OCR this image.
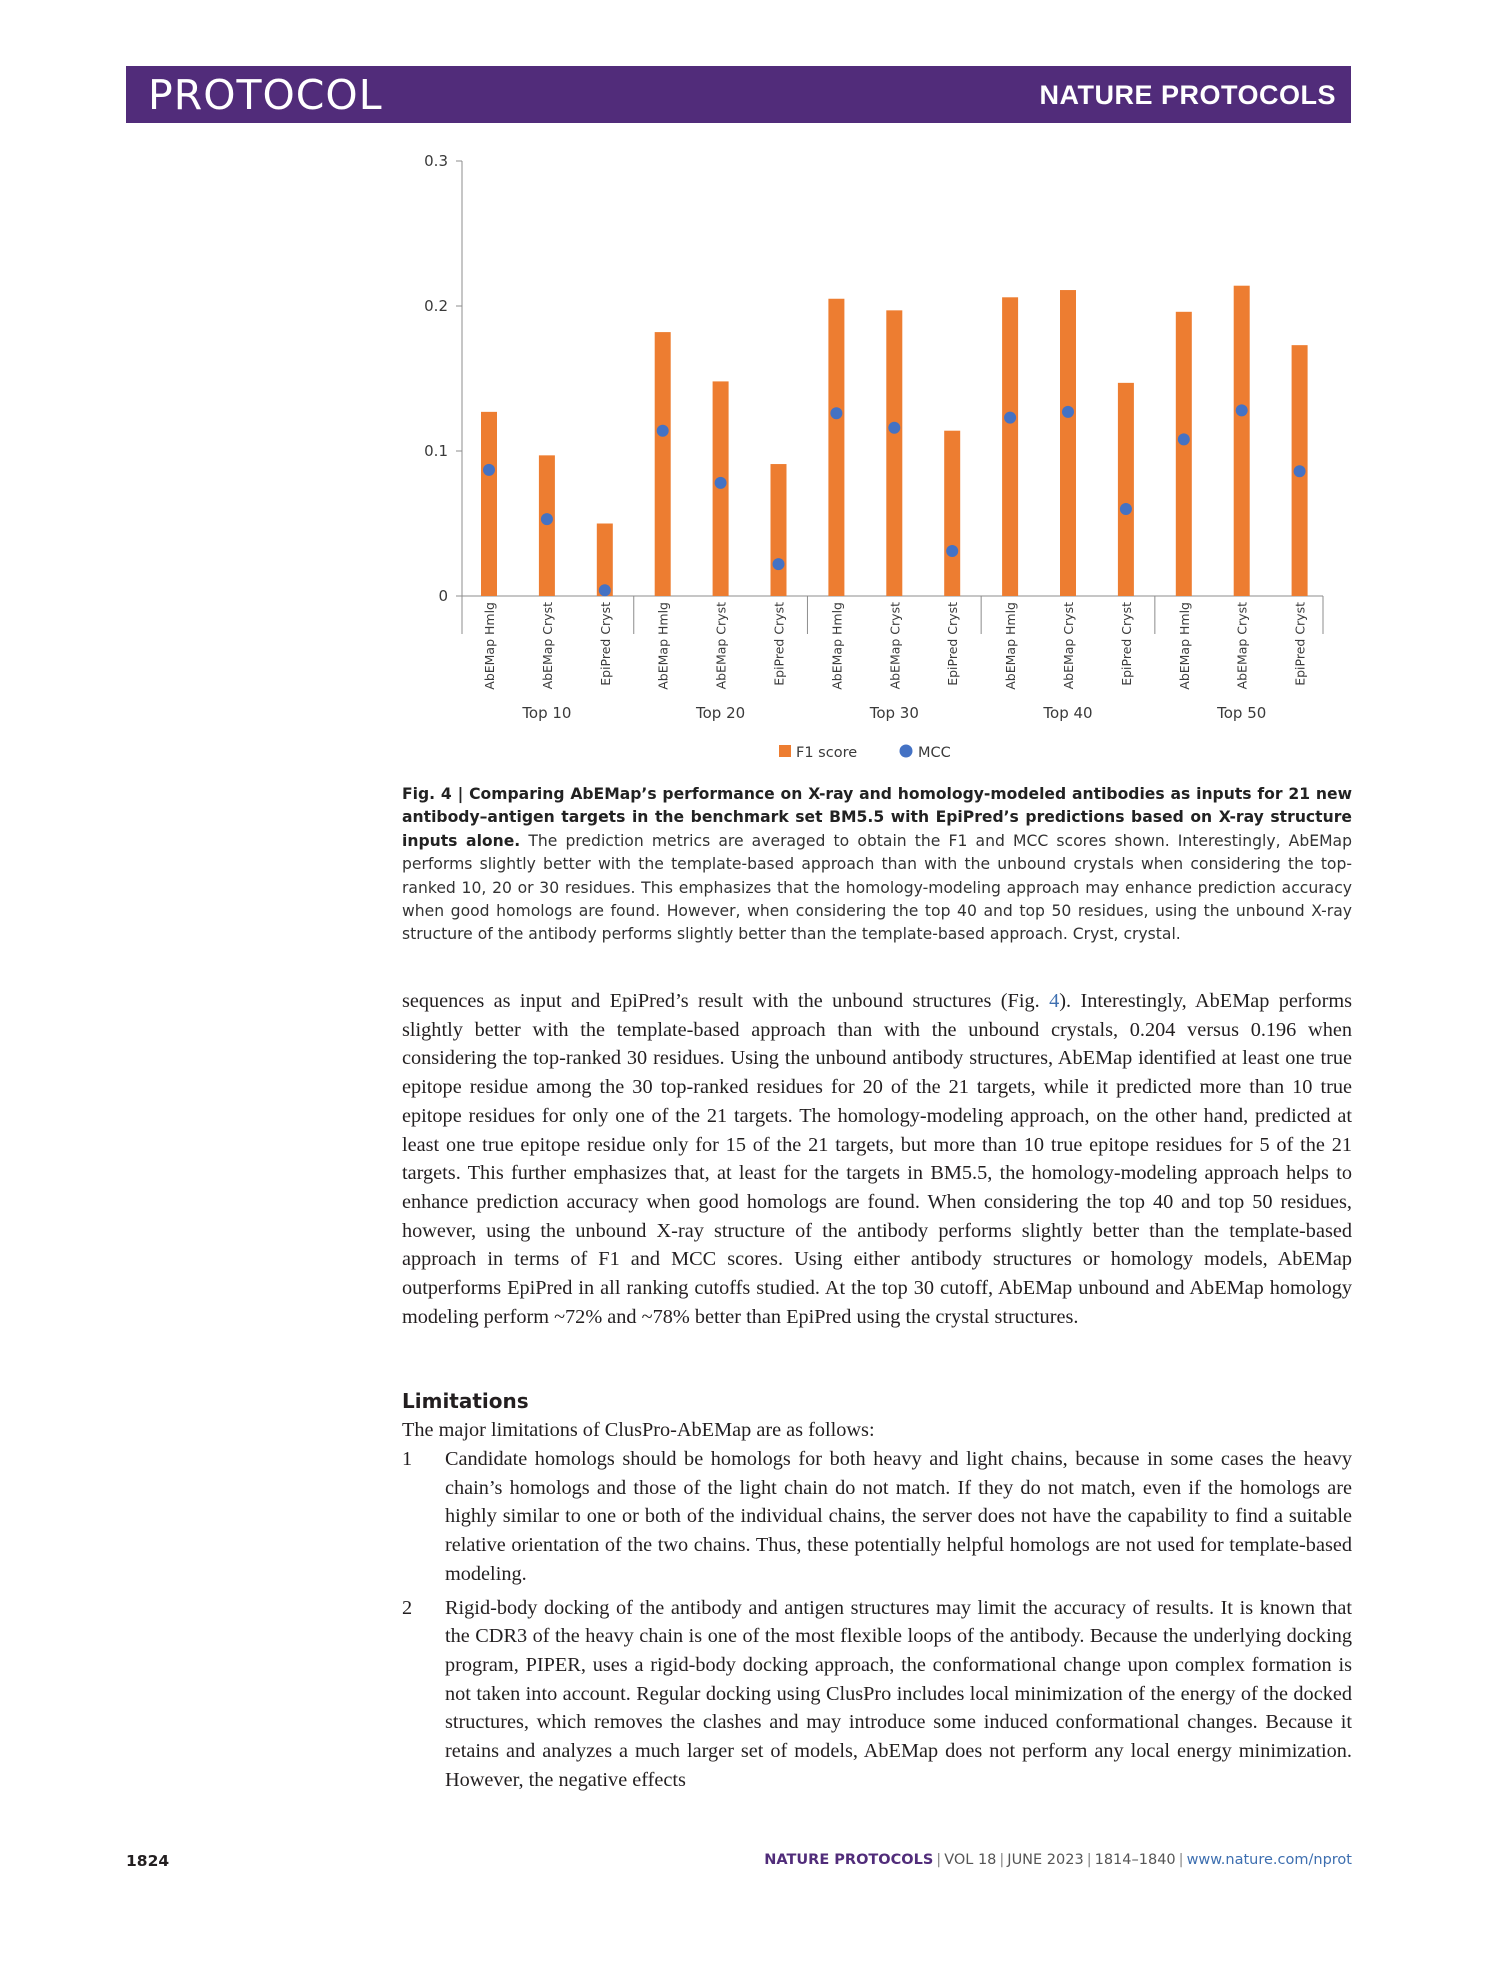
PROTOCOL	NATURE PROTOCOLS
0
0.1
0.2
0.3
AbEMap Hmlg	AbEMap Cryst	EpiPred Cryst	AbEMap Hmlg	AbEMap Cryst	EpiPred Cryst	AbEMap Hmlg	AbEMap Cryst	EpiPred Cryst	AbEMap Hmlg	AbEMap Cryst	EpiPred Cryst	AbEMap Hmlg	AbEMap Cryst	EpiPred Cryst
Top 10	Top 20	Top 30	Top 40	Top 50
F1 score	MCC
Fig. 4 | Comparing AbEMap’s performance on X-ray and homology-modeled antibodies as inputs for 21 new antibody–antigen targets in the benchmark set BM5.5 with EpiPred’s predictions based on X-ray structure inputs alone. The prediction metrics are averaged to obtain the F1 and MCC scores shown. Interestingly, AbEMap performs slightly better with the template-based approach than with the unbound crystals when considering the top-ranked 10, 20 or 30 residues. This emphasizes that the homology-modeling approach may enhance prediction accuracy when good homologs are found. However, when considering the top 40 and top 50 residues, using the unbound X-ray structure of the antibody performs slightly better than the template-based approach. Cryst, crystal.
sequences as input and EpiPred’s result with the unbound structures (Fig. 4). Interestingly, AbEMap performs slightly better with the template-based approach than with the unbound crystals, 0.204 versus 0.196 when considering the top-ranked 30 residues. Using the unbound antibody structures, AbEMap identified at least one true epitope residue among the 30 top-ranked residues for 20 of the 21 targets, while it predicted more than 10 true epitope residues for only one of the 21 targets. The homology-modeling approach, on the other hand, predicted at least one true epitope residue only for 15 of the 21 targets, but more than 10 true epitope residues for 5 of the 21 targets. This further emphasizes that, at least for the targets in BM5.5, the homology-modeling approach helps to enhance prediction accuracy when good homologs are found. When considering the top 40 and top 50 residues, however, using the unbound X-ray structure of the antibody performs slightly better than the template-based approach in terms of F1 and MCC scores. Using either antibody structures or homology models, AbEMap outperforms EpiPred in all ranking cutoffs studied. At the top 30 cutoff, AbEMap unbound and AbEMap homology modeling perform ~72% and ~78% better than EpiPred using the crystal structures.
Limitations
The major limitations of ClusPro-AbEMap are as follows:
1 Candidate homologs should be homologs for both heavy and light chains, because in some cases the heavy chain’s homologs and those of the light chain do not match. If they do not match, even if the homologs are highly similar to one or both of the individual chains, the server does not have the capability to find a suitable relative orientation of the two chains. Thus, these potentially helpful homologs are not used for template-based modeling.
2 Rigid-body docking of the antibody and antigen structures may limit the accuracy of results. It is known that the CDR3 of the heavy chain is one of the most flexible loops of the antibody. Because the underlying docking program, PIPER, uses a rigid-body docking approach, the conformational change upon complex formation is not taken into account. Regular docking using ClusPro includes local minimization of the energy of the docked structures, which removes the clashes and may introduce some induced conformational changes. Because it retains and analyzes a much larger set of models, AbEMap does not perform any local energy minimization. However, the negative effects
1824	NATURE PROTOCOLS | VOL 18 | JUNE 2023 | 1814–1840 | www.nature.com/nprot
